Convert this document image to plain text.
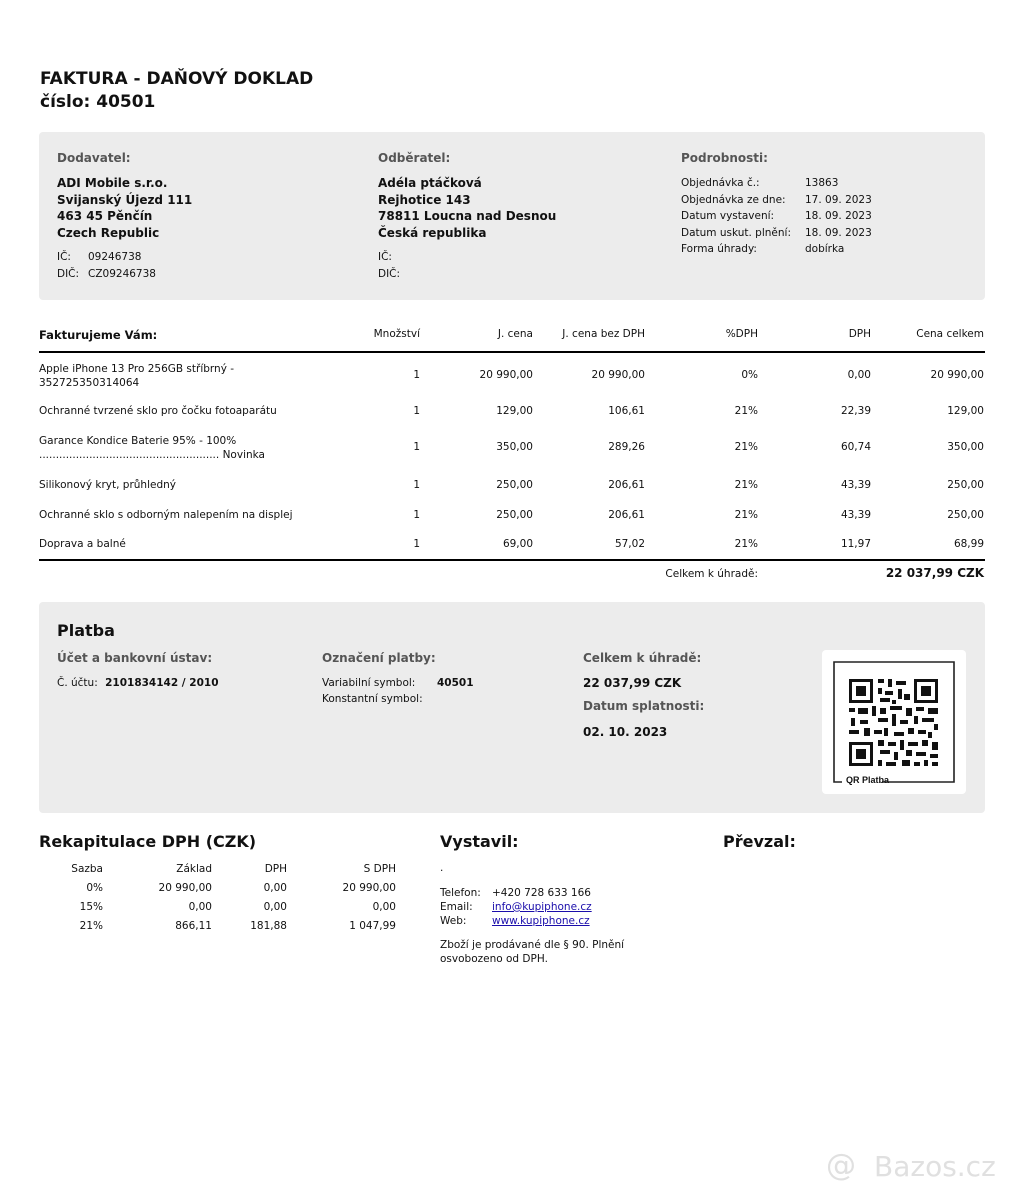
FAKTURA - DAŇOVÝ DOKLAD
číslo: 40501
Dodavatel:
ADI Mobile s.r.o.
Svijanský Újezd 111
463 45 Pěnčín
Czech Republic
IČ: 09246738
DIČ: CZ09246738
Odběratel:
Adéla ptáčková
Rejhotice 143
78811 Loucna nad Desnou
Česká republika
IČ:
DIČ:
Podrobnosti:
Objednávka č.:	13863
Objednávka ze dne:	17. 09. 2023
Datum vystavení:	18. 09. 2023
Datum uskut. plnění:	18. 09. 2023
Forma úhrady:	dobírka
Fakturujeme Vám:	Množství	J. cena	J. cena bez DPH	%DPH	DPH	Cena celkem
Apple iPhone 13 Pro 256GB stříbrný -
352725350314064
1	20 990,00	20 990,00	0%	0,00	20 990,00
Ochranné tvrzené sklo pro čočku fotoaparátu	1	129,00	106,61	21%	22,39	129,00
Garance Kondice Baterie 95% - 100%
...................................................... Novinka
1	350,00	289,26	21%	60,74	350,00
Silikonový kryt, průhledný	1	250,00	206,61	21%	43,39	250,00
Ochranné sklo s odborným nalepením na displej	1	250,00	206,61	21%	43,39	250,00
Doprava a balné	1	69,00	57,02	21%	11,97	68,99
Celkem k úhradě:	22 037,99 CZK
Platba
Účet a bankovní ústav:
Č. účtu: 2101834142 / 2010
Označení platby:
Variabilní symbol: 40501
Konstantní symbol:
Celkem k úhradě:
22 037,99 CZK
Datum splatnosti:
02. 10. 2023
QR Platba
Rekapitulace DPH (CZK)
Sazba	Základ	DPH	S DPH
0%	20 990,00	0,00	20 990,00
15%	0,00	0,00	0,00
21%	866,11	181,88	1 047,99
Vystavil:
.
Telefon: +420 728 633 166
Email: info@kupiphone.cz
Web: www.kupiphone.cz
Zboží je prodávané dle § 90. Plnění
osvobozeno od DPH.
Převzal:
@ Bazos.cz
